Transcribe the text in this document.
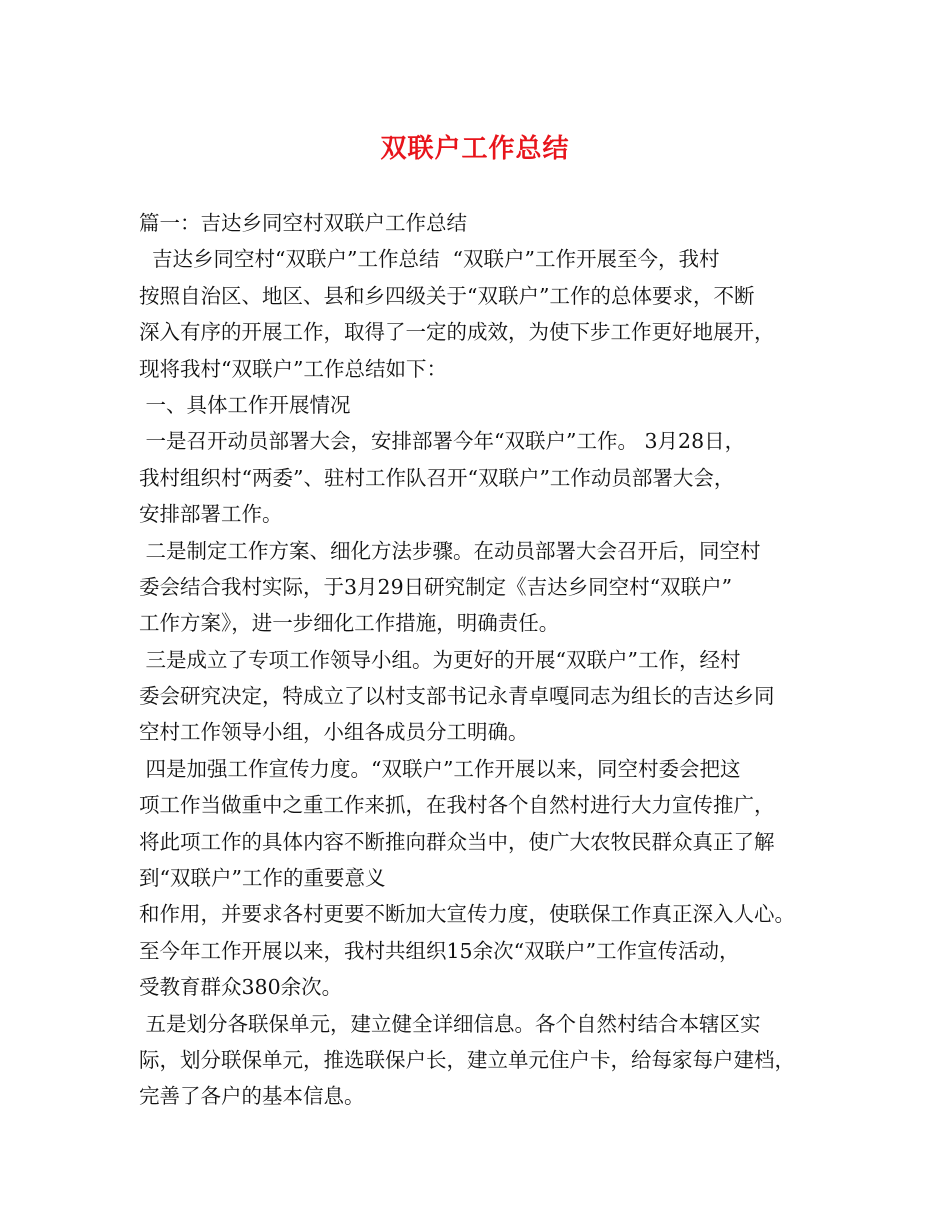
双联户工作总结
篇一：吉达乡同空村双联户工作总结
吉达乡同空村“双联户”工作总结  “双联户”工作开展至今，我村
按照自治区、地区、县和乡四级关于“双联户”工作的总体要求，不断
深入有序的开展工作，取得了一定的成效，为使下步工作更好地展开，
现将我村“双联户”工作总结如下：
一、具体工作开展情况
一是召开动员部署大会，安排部署今年“双联户”工作。 3月28日，
我村组织村“两委”、驻村工作队召开“双联户”工作动员部署大会，
安排部署工作。
二是制定工作方案、细化方法步骤。在动员部署大会召开后，同空村
委会结合我村实际，于3月29日研究制定《吉达乡同空村“双联户”
工作方案》，进一步细化工作措施，明确责任。
三是成立了专项工作领导小组。为更好的开展“双联户”工作，经村
委会研究决定，特成立了以村支部书记永青卓嘎同志为组长的吉达乡同
空村工作领导小组，小组各成员分工明确。
四是加强工作宣传力度。“双联户”工作开展以来，同空村委会把这
项工作当做重中之重工作来抓，在我村各个自然村进行大力宣传推广，
将此项工作的具体内容不断推向群众当中，使广大农牧民群众真正了解
到“双联户”工作的重要意义
和作用，并要求各村更要不断加大宣传力度，使联保工作真正深入人心。
至今年工作开展以来，我村共组织15余次“双联户”工作宣传活动，
受教育群众380余次。
五是划分各联保单元，建立健全详细信息。各个自然村结合本辖区实
际，划分联保单元，推选联保户长，建立单元住户卡，给每家每户建档，
完善了各户的基本信息。
